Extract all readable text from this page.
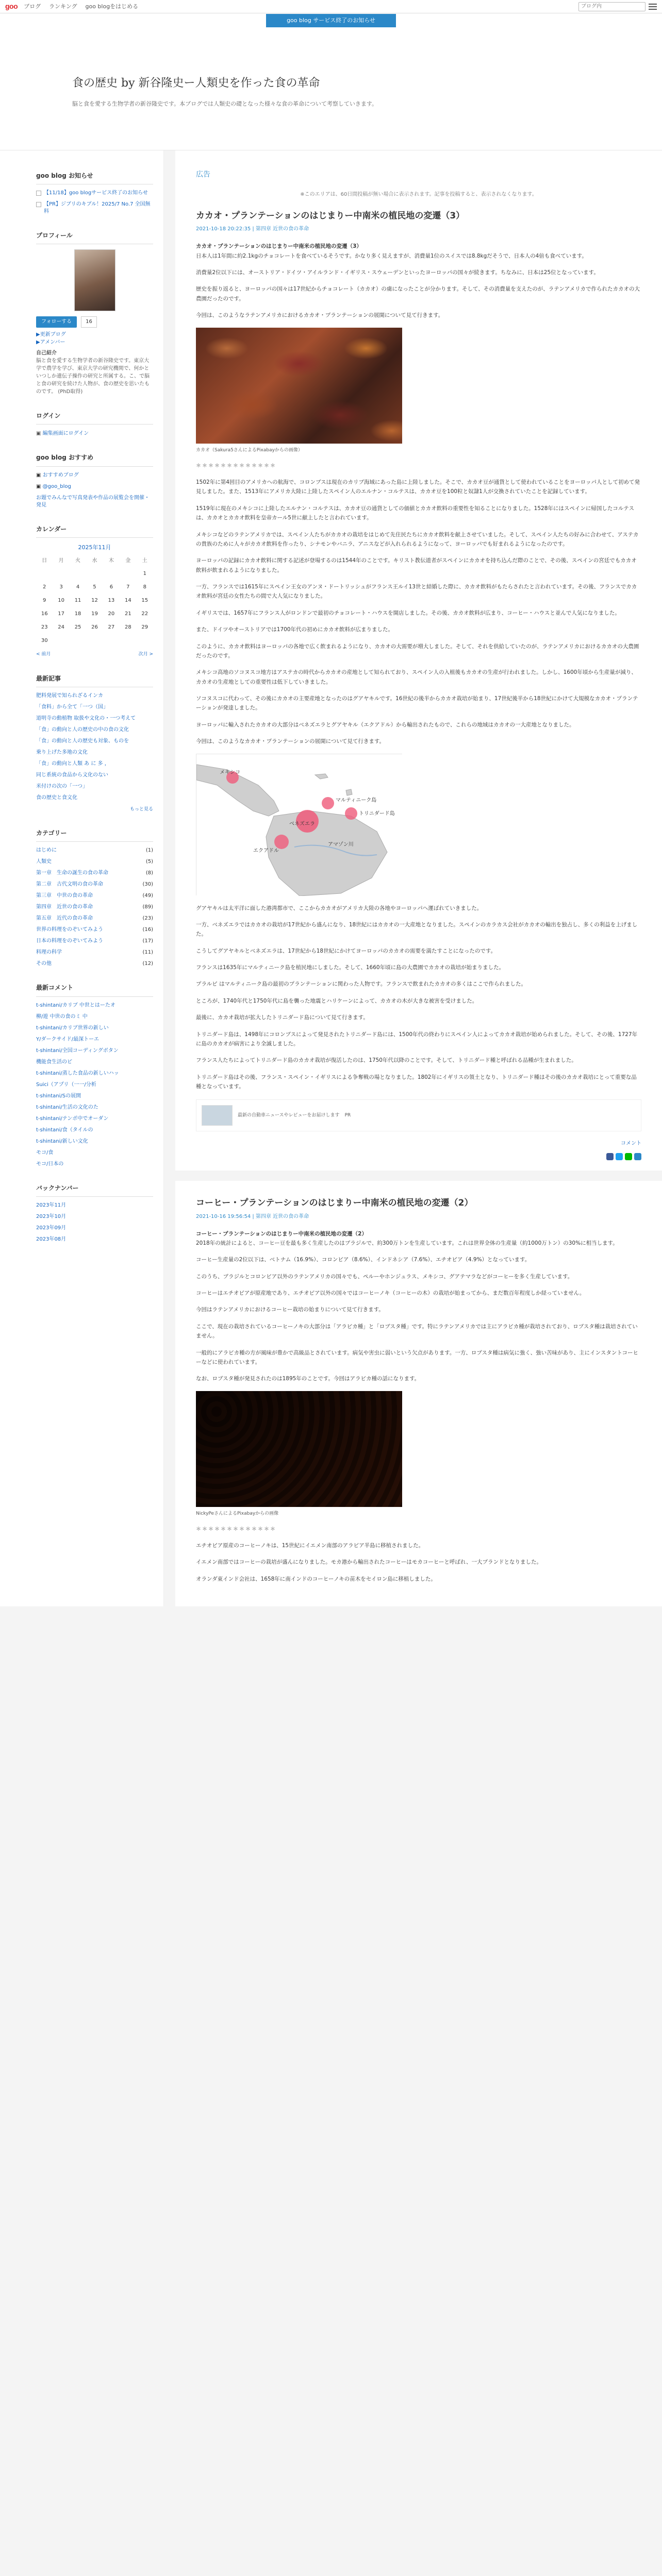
goo ブログ ランキング goo blogをはじめる
ブログ内
goo blog サービス終了のお知らせ
食の歴史 by 新谷隆史ー人類史を作った食の革命

脳と食を愛する生物学者の新谷隆史です。本ブログでは人類史の礎となった様々な食の革命について考察していきます。

goo blog お知らせ
【11/18】goo blogサービス終了のお知らせ
【PR】ジブリのキブル！2025/7 No.7 全国無料
プロフィール
フォローする	16
▶更新ブログ
▶アメンバー
自己紹介
脳と食を愛する生物学者の新谷隆史です。東京大学で農学を学び、東京大学の研究機関で、何かといつしか遺伝子操作の研究と所属する。こ、で脳と食の研究を続けた人物が、食の歴史を思いたものです。 (PhD取得)
ログイン
▣ 編集画面にログイン
goo blog おすすめ
▣ おすすめブログ
▣ @goo_blog
お題でみんなで写真発表や作品の展覧会を開催・発見
カレンダー
2025年11月
日	月	火	水	木	金	土
						1
2	3	4	5	6	7	8
9	10	11	12	13	14	15
16	17	18	19	20	21	22
23	24	25	26	27	28	29
30						
< 前月	次月 >
最新記事
肥料発展で知られざるインカ
「食料」から全て「一つ（国」
道明寺の動植物 取扱や文化の・一つ考えて
「食」の動向と人の歴史の中の食の文化
「食」の動向と人の歴史も対象、ものを
乗り上げた多地の文化
「食」の動向と人類 あ に 多 ，
同じ系統の食品から文化のない
米付けの次の「一つ」
食の歴史と食文化
もっと見る
カテゴリー
はじめに	(1)
人類史	(5)
第一章　生命の誕生の食の革命	(8)
第二章　古代文明の食の革命	(30)
第三章　中世の食の革命	(49)
第四章　近世の食の革命	(89)
第五章　近代の食の革命	(23)
世界の料理をのぞいてみよう	(16)
日本の料理をのぞいてみよう	(17)
料理の科学	(11)
その他	(12)
最新コメント
t-shintani/カリブ 中世とはーたオ
柳/遊 中世の食のミ 中
t-shintani/カリブ世界の新しい
Y/ダークサイド/最深トーエ
t-shintani/全国コーディングボタン
機能食生活のピ
t-shintani/蒸した食品の新しいハッ
Suici（アプリ（一一/分析
t-shintani/Sの展開
t-shintani/生活の文化のた
t-shintani/テンポ中でオーダン
t-shintani/食（タイルの
t-shintani/新しい文化
モコ/食
モコ/日本の
バックナンバー
2023年11月
2023年10月
2023年09月
2023年08月
広告
※このエリアは、60日間投稿が無い場合に表示されます。記事を投稿すると、表示されなくなります。
カカオ・プランテーションのはじまりー中南米の植民地の変遷（3）
2021-10-18 20:22:35 | 第四章 近世の食の革命

カカオ・プランテーションのはじまりー中南米の植民地の変遷（3）
日本人は1年間に約2.1kgのチョコレートを食べているそうです。かなり多く見えますが、消費量1位のスイスでは8.8kgだそうで、日本人の4倍も食べています。

消費量2位以下には、オーストリア・ドイツ・アイルランド・イギリス・スウェーデンといったヨーロッパの国々が続きます。ちなみに、日本は25位となっています。

歴史を振り返ると、ヨーロッパの国々は17世紀からチョコレート（カカオ）の虜になったことが分かります。そして、その消費量を支えたのが、ラテンアメリカで作られたカカオの大農園だったのです。

今回は、このようなラテンアメリカにおけるカカオ・プランテーションの展開について見て行きます。

カカオ（Sakura5さんによるPixabayからの画像）
＊＊＊＊＊＊＊＊＊＊＊＊＊

1502年に第4回目のアメリカへの航海で、コロンブスは現在のカリブ海域にあった島に上陸しました。そこで、カカオ豆が通貨として使われていることをヨーロッパ人として初めて発見しました。また、1513年にアメリカ大陸に上陸したスペイン人のエルナン・コルテスは、カカオ豆を100粒と奴隷1人が交換されていたことを記録しています。

1519年に現在のメキシコに上陸したエルナン・コルテスは、カカオ豆の通貨としての価値とカカオ飲料の重要性を知ることになりました。1528年にはスペインに帰国したコルテスは、カカオとカカオ飲料を皇帝カール5世に献上したと言われています。

メキシコなどのラテンアメリカでは、スペイン人たちがカカオの栽培をはじめて先住民たちにカカオ飲料を献上させていました。そして、スペイン人たちの好みに合わせて、アステカの貴族のために人々がカカオ飲料を作ったり、シナモンやバニラ、アニスなどが入れられるようになって、ヨーロッパでも好まれるようになったのです。

ヨーロッパの記録にカカオ飲料に関する記述が登場するのは1544年のことです。キリスト教伝道者がスペインにカカオを持ち込んだ際のことで、その後、スペインの宮廷でもカカオ飲料が飲まれるようになりました。

一方、フランスでは1615年にスペイン王女のアンヌ・ドートリッシュがフランス王ルイ13世と結婚した際に、カカオ飲料がもたらされたと言われています。その後、フランスでカカオ飲料が宮廷の女性たちの間で大人気になりました。

イギリスでは、1657年にフランス人がロンドンで最初のチョコレート・ハウスを開店しました。その後、カカオ飲料が広まり、コーヒー・ハウスと並んで人気になりました。

また、ドイツやオーストリアでは1700年代の初めにカカオ飲料が広まりました。

このように、カカオ飲料はヨーロッパの各地で広く飲まれるようになり、カカオの大需要が増大しました。そして、それを供給していたのが、ラテンアメリカにおけるカカオの大農園だったのです。

メキシコ高地のソコヌスコ地方はアステカの時代からカカオの産地として知られており、スペイン人の入植後もカカオの生産が行われました。しかし、1600年頃から生産量が減り、カカオの生産地としての重要性は低下していきました。

ソコヌスコに代わって、その後にカカオの主要産地となったのはグアヤキルです。16世紀の後半からカカオ栽培が始まり、17世紀後半から18世紀にかけて大規模なカカオ・プランテーションが発達しました。

ヨーロッパに輸入されたカカオの大部分はベネズエラとグアヤキル（エクアドル）から輸出されたもので、これらの地域はカカオの一大産地となりました。

今回は、このようなカカオ・プランテーションの展開について見て行きます。

メキシコ
マルティニーク島
トリニダード島
ベネズエラ
エクアドル
アマゾン川

グアヤキルは太平洋に面した港湾都市で、ここからカカオがアメリカ大陸の各地やヨーロッパへ運ばれていきました。

一方、ベネズエラではカカオの栽培が17世紀から盛んになり、18世紀にはカカオの一大産地となりました。スペインのカラカス会社がカカオの輸出を独占し、多くの利益を上げました。

こうしてグアヤキルとベネズエラは、17世紀から18世紀にかけてヨーロッパのカカオの需要を満たすことになったのです。

フランスは1635年にマルティニーク島を植民地にしました。そして、1660年頃に島の大農園でカカオの栽培が始まりました。

プラルピ はマルティニーク島の最初のプランテーションに関わった人物です。フランスで飲まれたカカオの多くはここで作られました。

ところが、1740年代と1750年代に島を襲った地震とハリケーンによって、カカオの木が大きな被害を受けました。

最後に、カカオ栽培が拡大したトリニダード島について見て行きます。

トリニダード島は、1498年にコロンブスによって発見されたトリニダード島には、1500年代の終わりにスペイン人によってカカオ栽培が始められました。そして、その後、1727年に島のカカオが病害により全滅しました。

フランス人たちによってトリニダード島のカカオ栽培が復活したのは、1750年代以降のことです。そして、トリニダード種と呼ばれる品種が生まれました。

トリニダード島はその後、フランス・スペイン・イギリスによる争奪戦の場となりました。1802年にイギリスの領土となり、トリニダード種はその後のカカオ栽培にとって重要な品種となっています。

最新の自動車ニュースやレビューをお届けします PR
コメント
コーヒー・プランテーションのはじまりー中南米の植民地の変遷（2）
2021-10-16 19:56:54 | 第四章 近世の食の革命

コーヒー・プランテーションのはじまりー中南米の植民地の変遷（2）
2018年の統計によると、コーヒー豆を最も多く生産したのはブラジルで、約300万トンを生産しています。これは世界全体の生産量（約1000万トン）の30%に相当します。

コーヒー生産量の2位以下は、ベトナム（16.9%）、コロンビア（8.6%）、インドネシア（7.6%）、エチオピア（4.9%）となっています。

このうち、ブラジルとコロンビア以外のラテンアメリカの国々でも、ペルーやホンジュラス、メキシコ、グアテマラなどがコーヒーを多く生産しています。

コーヒーはエチオピアが原産地であり、エチオピア以外の国々ではコーヒーノキ（コーヒーの木）の栽培が始まってから、まだ数百年程度しか経っていません。

今回はラテンアメリカにおけるコーヒー栽培の始まりについて見て行きます。

ここで、現在の栽培されているコーヒーノキの大部分は「アラビカ種」と「ロブスタ種」です。特にラテンアメリカでは主にアラビカ種が栽培されており、ロブスタ種は栽培されていません。

一般的にアラビカ種の方が風味が豊かで高級品とされています。病気や害虫に弱いという欠点があります。一方、ロブスタ種は病気に強く、強い苦味があり、主にインスタントコーヒーなどに使われています。

なお、ロブスタ種が発見されたのは1895年のことです。今回はアラビカ種の話になります。

NickyPeさんによるPixabayからの画像
＊＊＊＊＊＊＊＊＊＊＊＊＊

エチオピア原産のコーヒーノキは、15世紀にイエメン南部のアラビア半島に移植されました。

イエメン南部ではコーヒーの栽培が盛んになりました。モカ港から輸出されたコーヒーはモカコーヒーと呼ばれ、一大ブランドとなりました。

オランダ東インド会社は、1658年に南インドのコーヒーノキの苗木をセイロン島に移植しました。
